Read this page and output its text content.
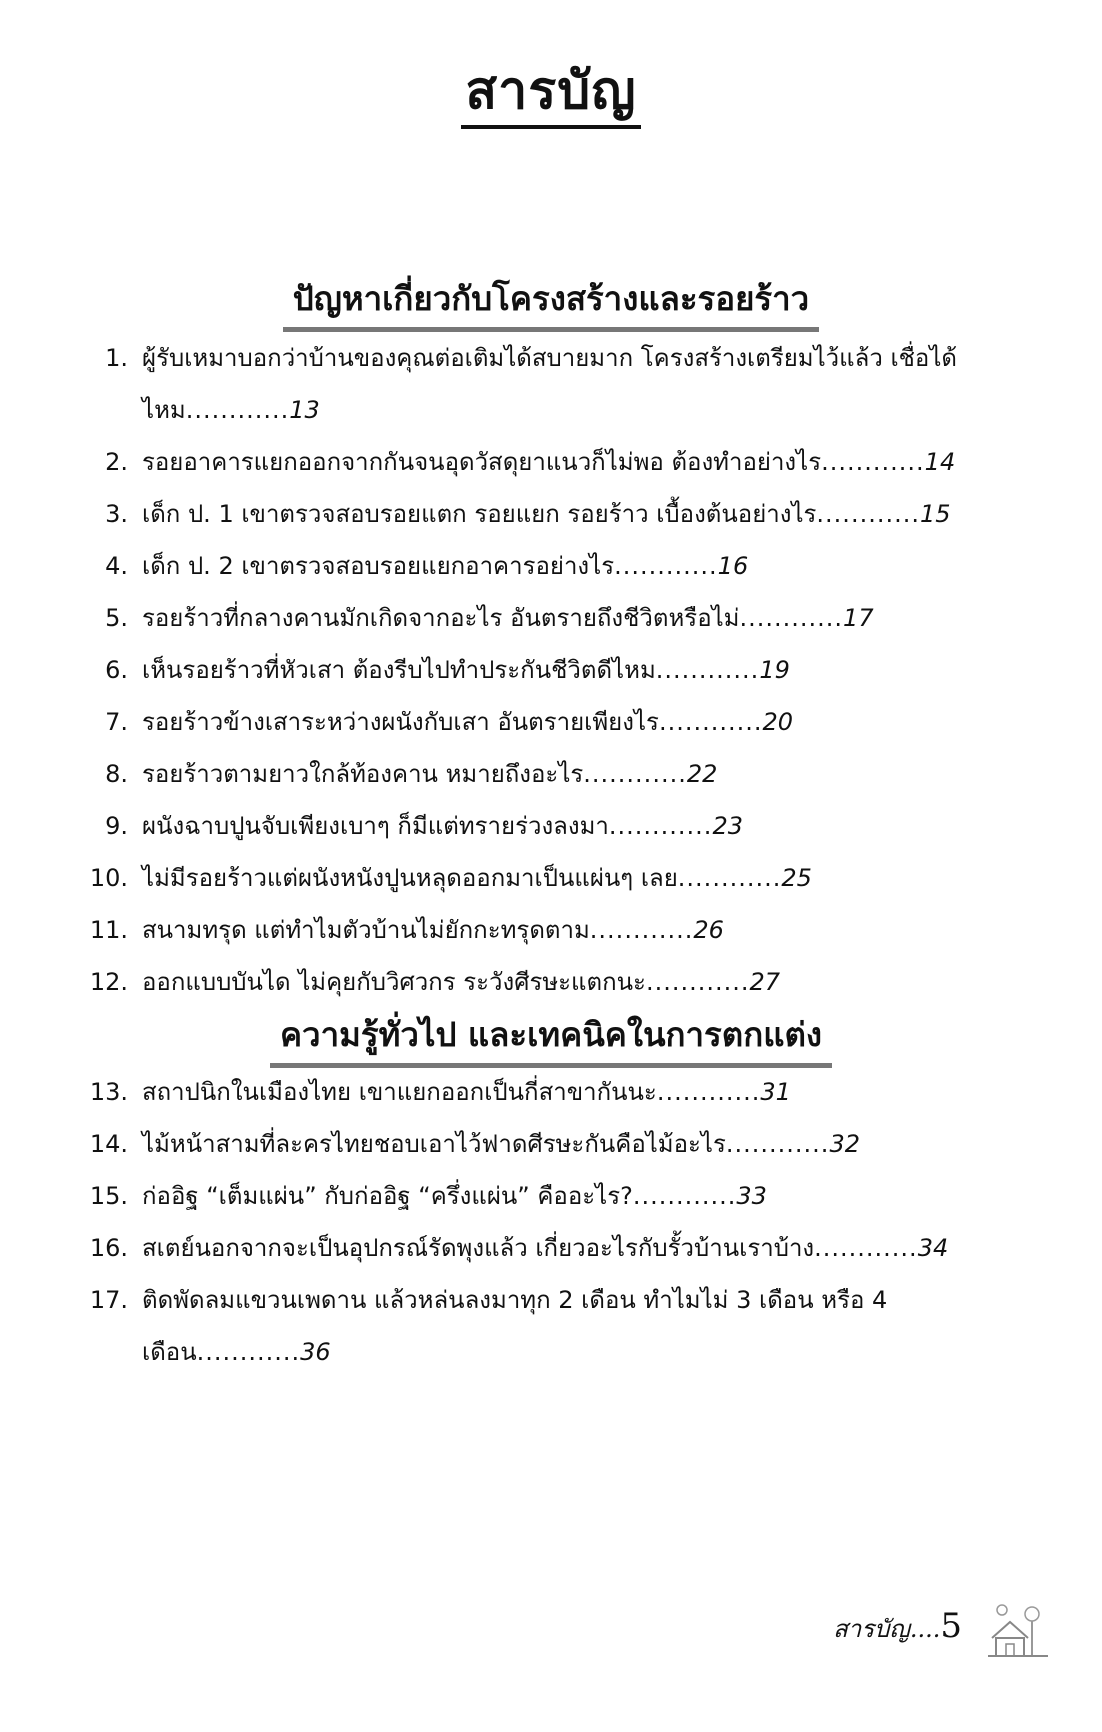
สารบัญ
ปัญหาเกี่ยวกับโครงสร้างและรอยร้าว
1. ผู้รับเหมาบอกว่าบ้านของคุณต่อเติมได้สบายมาก โครงสร้างเตรียมไว้แล้ว เชื่อได้ไหม............13
2. รอยอาคารแยกออกจากกันจนอุดวัสดุยาแนวก็ไม่พอ ต้องทำอย่างไร............14
3. เด็ก ป. 1 เขาตรวจสอบรอยแตก รอยแยก รอยร้าว เบื้องต้นอย่างไร............15
4. เด็ก ป. 2 เขาตรวจสอบรอยแยกอาคารอย่างไร............16
5. รอยร้าวที่กลางคานมักเกิดจากอะไร อันตรายถึงชีวิตหรือไม่............17
6. เห็นรอยร้าวที่หัวเสา ต้องรีบไปทำประกันชีวิตดีไหม............19
7. รอยร้าวข้างเสาระหว่างผนังกับเสา อันตรายเพียงไร............20
8. รอยร้าวตามยาวใกล้ท้องคาน หมายถึงอะไร............22
9. ผนังฉาบปูนจับเพียงเบาๆ ก็มีแต่ทรายร่วงลงมา............23
10. ไม่มีรอยร้าวแต่ผนังหนังปูนหลุดออกมาเป็นแผ่นๆ เลย............25
11. สนามทรุด แต่ทำไมตัวบ้านไม่ยักกะทรุดตาม............26
12. ออกแบบบันได ไม่คุยกับวิศวกร ระวังศีรษะแตกนะ............27
ความรู้ทั่วไป และเทคนิคในการตกแต่ง
13. สถาปนิกในเมืองไทย เขาแยกออกเป็นกี่สาขากันนะ............31
14. ไม้หน้าสามที่ละครไทยชอบเอาไว้ฟาดศีรษะกันคือไม้อะไร............32
15. ก่ออิฐ “เต็มแผ่น” กับก่ออิฐ “ครึ่งแผ่น” คืออะไร?............33
16. สเตย์นอกจากจะเป็นอุปกรณ์รัดพุงแล้ว เกี่ยวอะไรกับรั้วบ้านเราบ้าง............34
17. ติดพัดลมแขวนเพดาน แล้วหล่นลงมาทุก 2 เดือน ทำไมไม่ 3 เดือน หรือ 4 เดือน............36
สารบัญ....5
